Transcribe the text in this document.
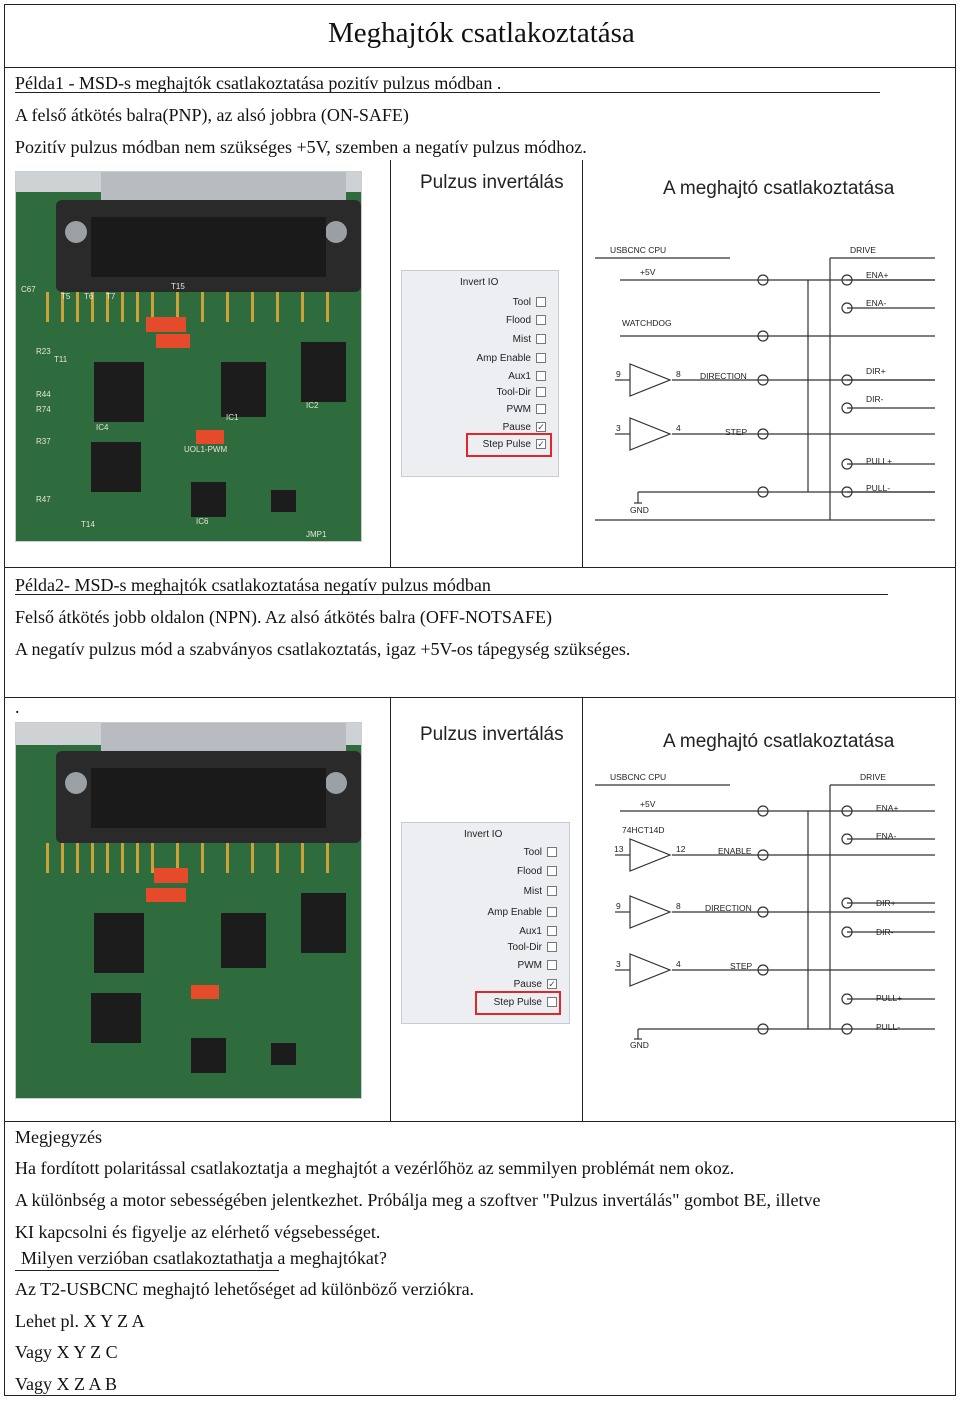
Meghajtók csatlakoztatása
Példa1 - MSD-s meghajtók csatlakoztatása pozitív pulzus módban .
A felső átkötés balra(PNP), az alsó jobbra (ON-SAFE)
Pozitív pulzus módban nem szükséges +5V, szemben a negatív pulzus módhoz.
C67
T5 T6 T7
T15
R23
R44
R74
R37
R47
IC1
IC2
IC4
IC6
JMP1
UOL1-PWM
T11
T14
Pulzus invertálás	A meghajtó csatlakoztatása
Invert IO
Tool
Flood
Mist
Amp Enable
Aux1
Tool-Dir
PWM
Pause ✓
Step Pulse ✓
USBCNC CPU	DRIVE
+5V
WATCHDOG
DIRECTION
STEP
GND
9	8
3	4
ENA+
ENA-
DIR+
DIR-
PULL+
PULL-
Példa2- MSD-s meghajtók csatlakoztatása negatív pulzus módban
Felső átkötés jobb oldalon (NPN). Az alsó átkötés balra (OFF-NOTSAFE)
A negatív pulzus mód a szabványos csatlakoztatás, igaz +5V-os tápegység szükséges.
.
Pulzus invertálás	A meghajtó csatlakoztatása
Invert IO
Tool
Flood
Mist
Amp Enable
Aux1
Tool-Dir
PWM
Pause ✓
Step Pulse
USBCNC CPU	DRIVE
+5V
74HCT14D
ENABLE
DIRECTION
STEP
GND
13	12
9	8
3	4
ENA+
ENA-
DIR+
DIR-
PULL+
PULL-
Megjegyzés
Ha fordított polaritással csatlakoztatja a meghajtót a vezérlőhöz az semmilyen problémát nem okoz.
A különbség a motor sebességében jelentkezhet. Próbálja meg a szoftver "Pulzus invertálás" gombot BE, illetve
KI kapcsolni és figyelje az elérhető végsebességet.
Milyen verzióban csatlakoztathatja a meghajtókat?
Az T2-USBCNC meghajtó lehetőséget ad különböző verziókra.
Lehet pl. X Y Z A
Vagy X Y Z C
Vagy X Z A B
